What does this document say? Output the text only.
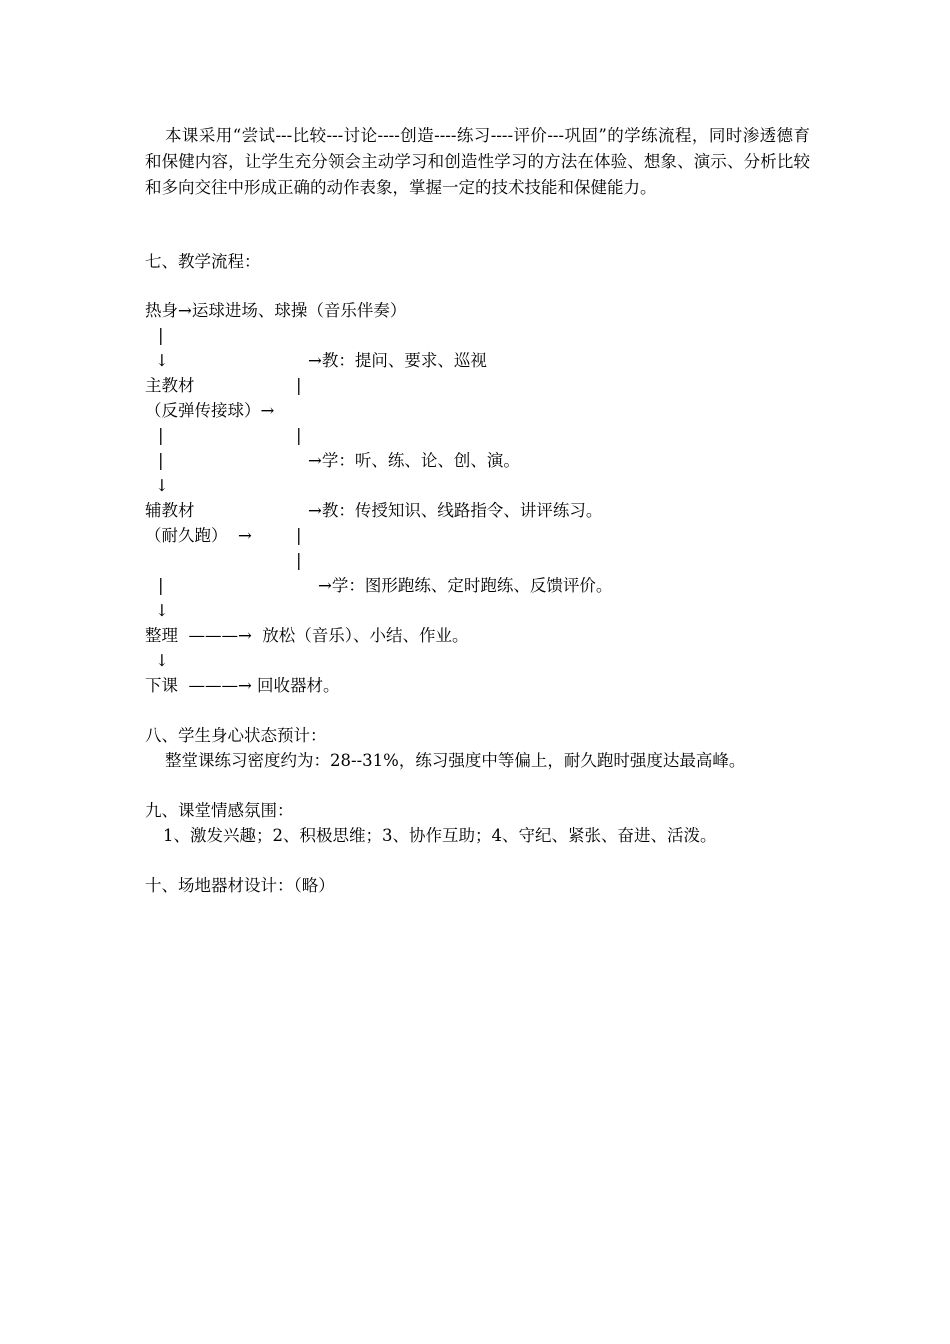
本课采用“尝试---比较---讨论----创造----练习----评价---巩固”的学练流程，同时渗透德育和保健内容，让学生充分领会主动学习和创造性学习的方法在体验、想象、演示、分析比较和多向交往中形成正确的动作表象，掌握一定的技术技能和保健能力。
七、教学流程：
热身→运球进场、球操（音乐伴奏）
|
↓	→教：提问、要求、巡视
主教材	|
（反弹传接球）→
|	|
|	→学：听、练、论、创、演。
↓
辅教材	→教：传授知识、线路指令、讲评练习。
（耐久跑）  →	|
|
|	→学：图形跑练、定时跑练、反馈评价。
↓
整理  ———→  放松（音乐）、小结、作业。
↓
下课  ———→ 回收器材。
八、学生身心状态预计：
整堂课练习密度约为：28--31%，练习强度中等偏上，耐久跑时强度达最高峰。
九、课堂情感氛围：
1、激发兴趣；2、积极思维；3、协作互助；4、守纪、紧张、奋进、活泼。
十、场地器材设计：（略）
